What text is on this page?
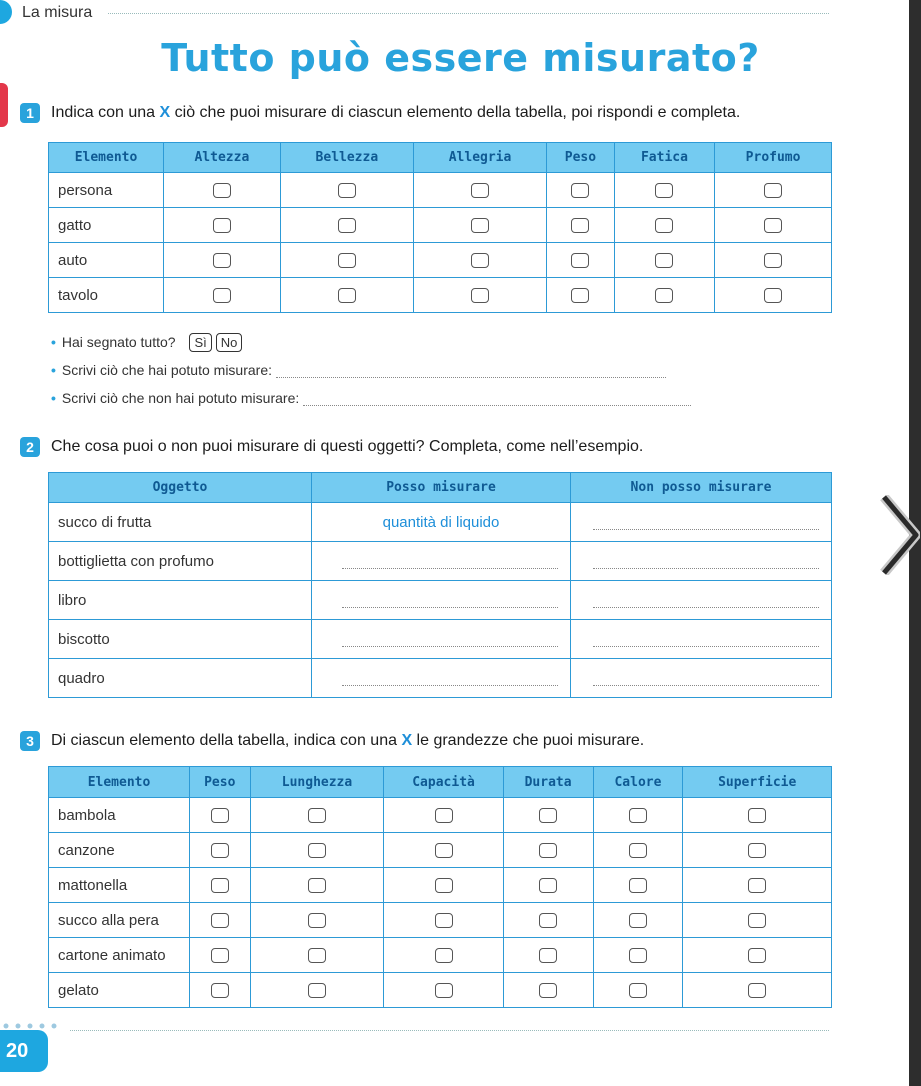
La misura
Tutto può essere misurato?
1	Indica con una X ciò che puoi misurare di ciascun elemento della tabella, poi rispondi e completa.
Elemento	Altezza	Bellezza	Allegria	Peso	Fatica	Profumo
persona						
gatto						
auto						
tavolo						
• Hai segnato tutto? Sì No
• Scrivi ciò che hai potuto misurare:
• Scrivi ciò che non hai potuto misurare:
2	Che cosa puoi o non puoi misurare di questi oggetti? Completa, come nell’esempio.
Oggetto	Posso misurare	Non posso misurare
succo di frutta	quantità di liquido	

bottiglietta con profumo	

libro	

biscotto	

quadro	

3	Di ciascun elemento della tabella, indica con una X le grandezze che puoi misurare.
Elemento	Peso	Lunghezza	Capacità	Durata	Calore	Superficie
bambola						
canzone						
mattonella						
succo alla pera						
cartone animato						
gelato						
20
